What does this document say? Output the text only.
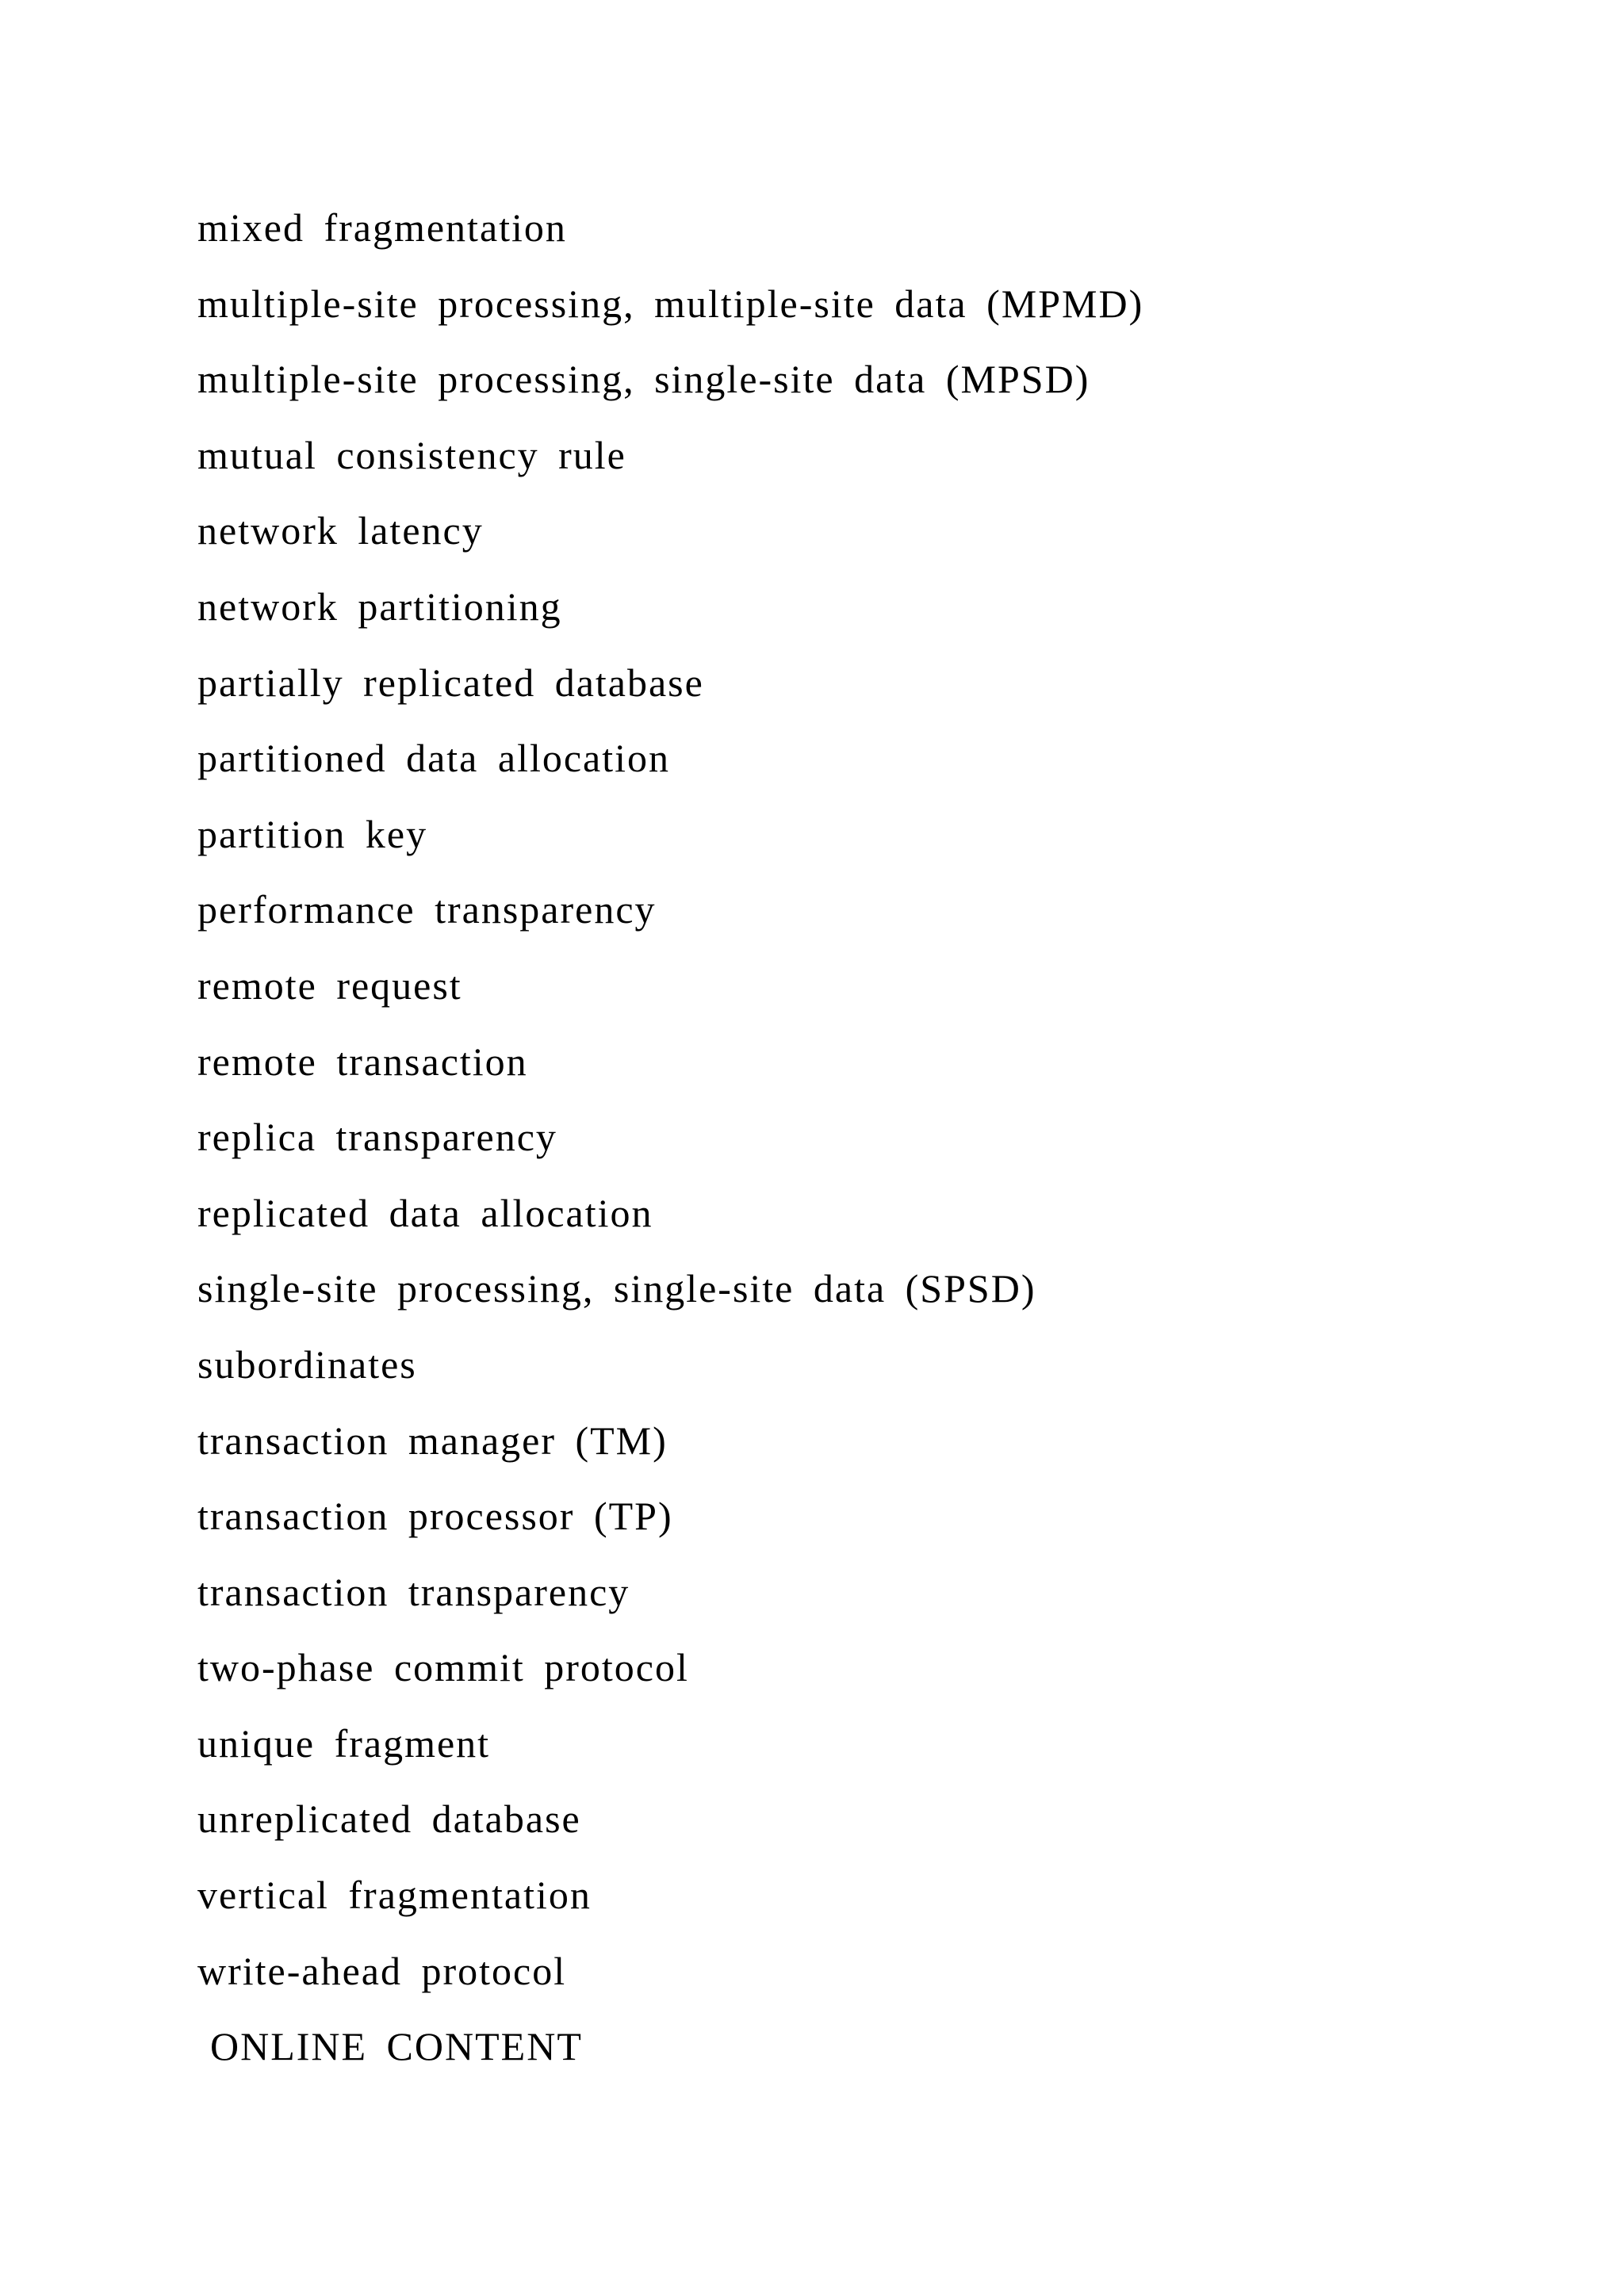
mixed fragmentation
multiple-site processing, multiple-site data (MPMD)
multiple-site processing, single-site data (MPSD)
mutual consistency rule
network latency
network partitioning
partially replicated database
partitioned data allocation
partition key
performance transparency
remote request
remote transaction
replica transparency
replicated data allocation
single-site processing, single-site data (SPSD)
subordinates
transaction manager (TM)
transaction processor (TP)
transaction transparency
two-phase commit protocol
unique fragment
unreplicated database
vertical fragmentation
write-ahead protocol
ONLINE CONTENT
